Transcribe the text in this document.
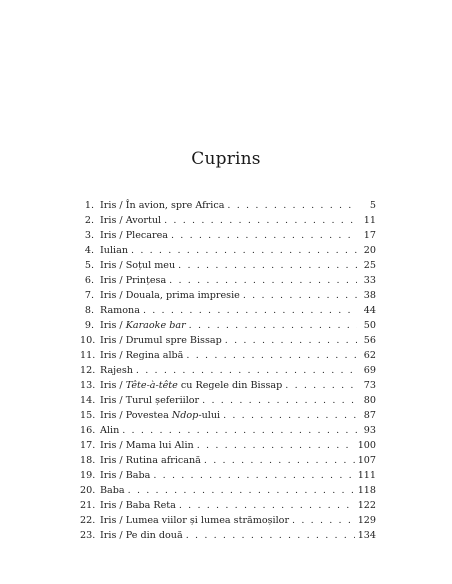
Cuprins
1. Iris / În avion, spre Africa . . .	5
2. Iris / Avortul . . .	11
3. Iris / Plecarea . . .	17
4. Iulian . . .	20
5. Iris / Soțul meu . . .	25
6. Iris / Prințesa . . .	33
7. Iris / Douala, prima impresie . . .	38
8. Ramona . . .	44
9. Iris / Karaoke bar . . .	50
10. Iris / Drumul spre Bissap . . .	56
11. Iris / Regina albă . . .	62
12. Rajesh . . .	69
13. Iris / Tête-à-tête cu Regele din Bissap . . .	73
14. Iris / Turul șeferiilor . . .	80
15. Iris / Povestea Ndop-ului . . .	87
16. Alin . . .	93
17. Iris / Mama lui Alin . . .	100
18. Iris / Rutina africană . . .	107
19. Iris / Baba . . .	111
20. Baba . . .	118
21. Iris / Baba Reta . . .	122
22. Iris / Lumea viilor și lumea strămoșilor . . .	129
23. Iris / Pe din două . . .	134
